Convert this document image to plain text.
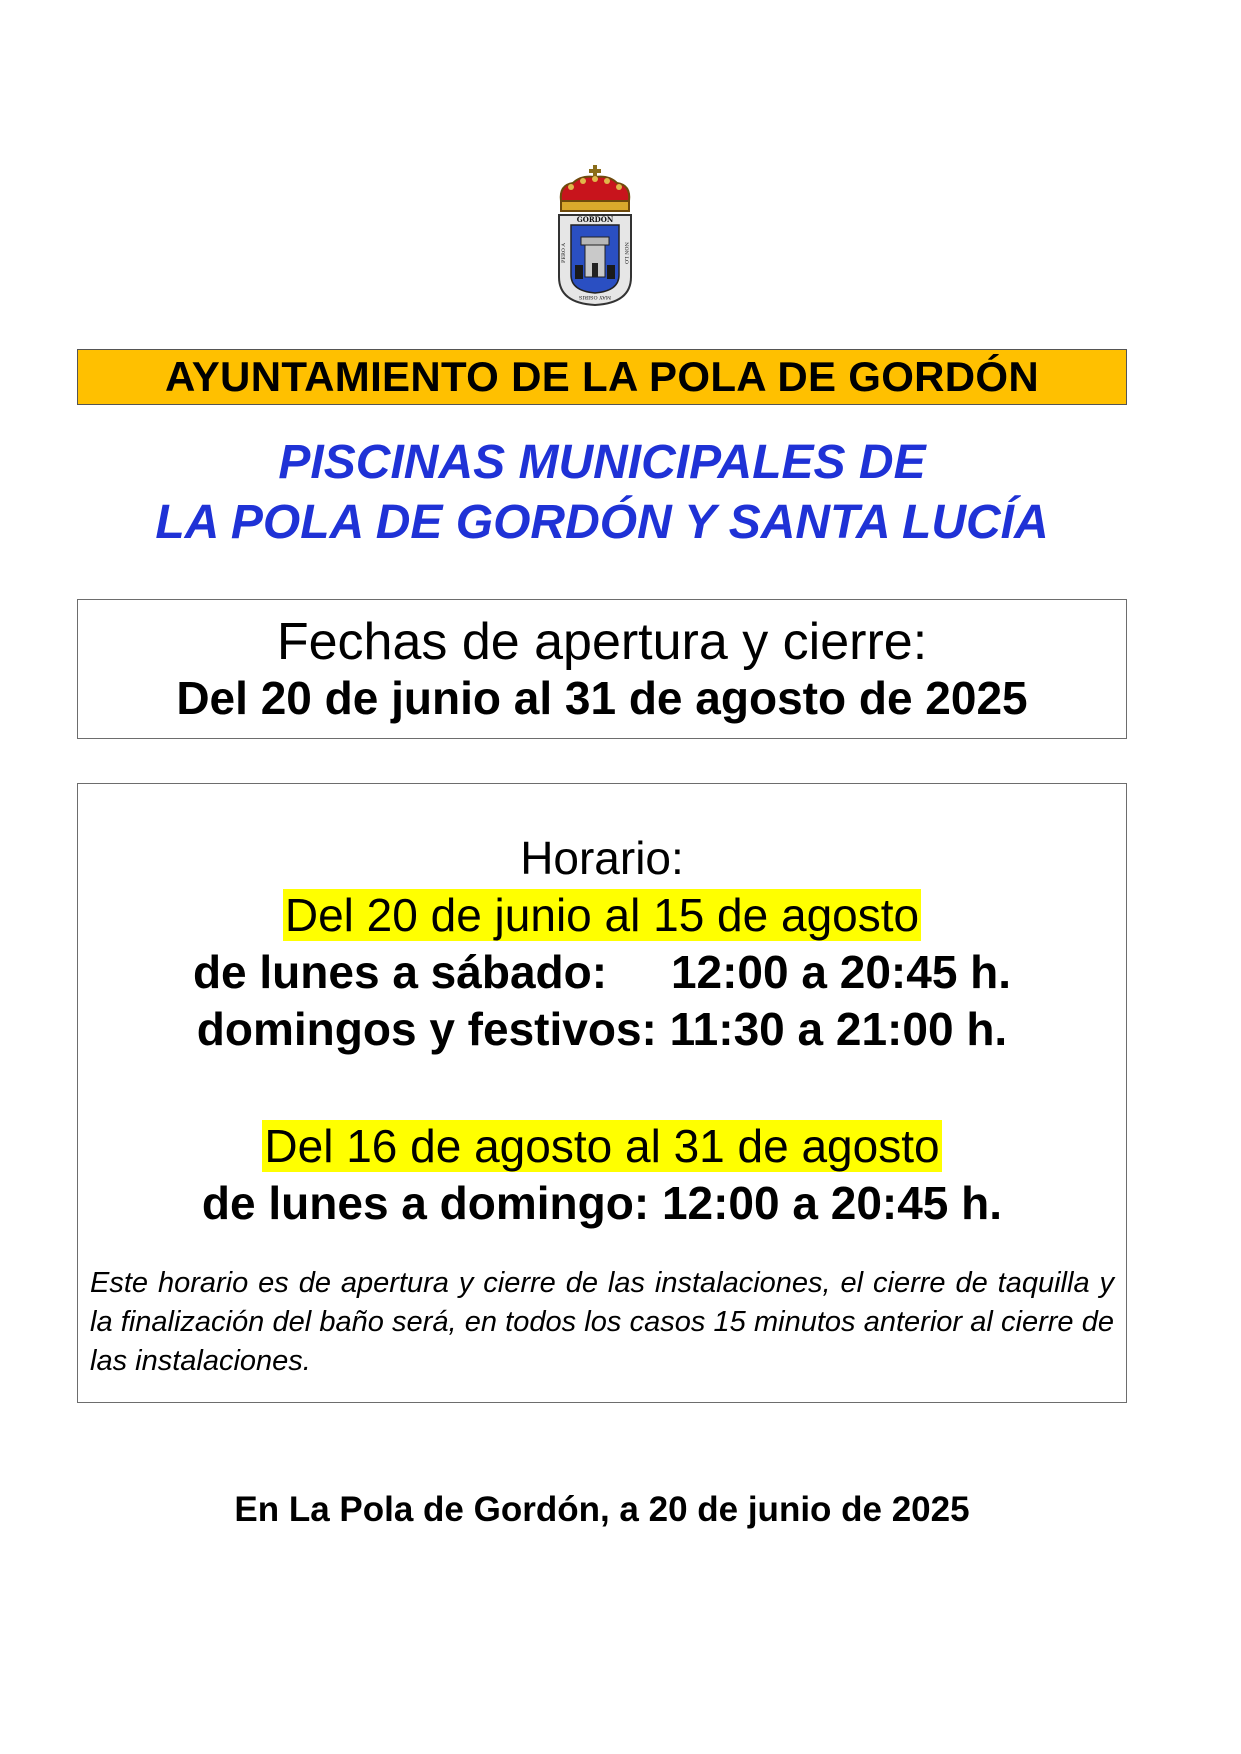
GORDÓN
PERO A	NON LO
MAY OSIRIS
AYUNTAMIENTO DE LA POLA DE GORDÓN
PISCINAS MUNICIPALES DE
LA POLA DE GORDÓN Y SANTA LUCÍA
Fechas de apertura y cierre:
Del 20 de junio al 31 de agosto de 2025
Horario:
Del 20 de junio al 15 de agosto
de lunes a sábado:     12:00 a 20:45 h.
domingos y festivos: 11:30 a 21:00 h.
Del 16 de agosto al 31 de agosto
de lunes a domingo: 12:00 a 20:45 h.
Este horario es de apertura y cierre de las instalaciones, el cierre de taquilla y la finalización del baño será, en todos los casos 15 minutos anterior al cierre de las instalaciones.
En La Pola de Gordón, a 20 de junio de 2025
